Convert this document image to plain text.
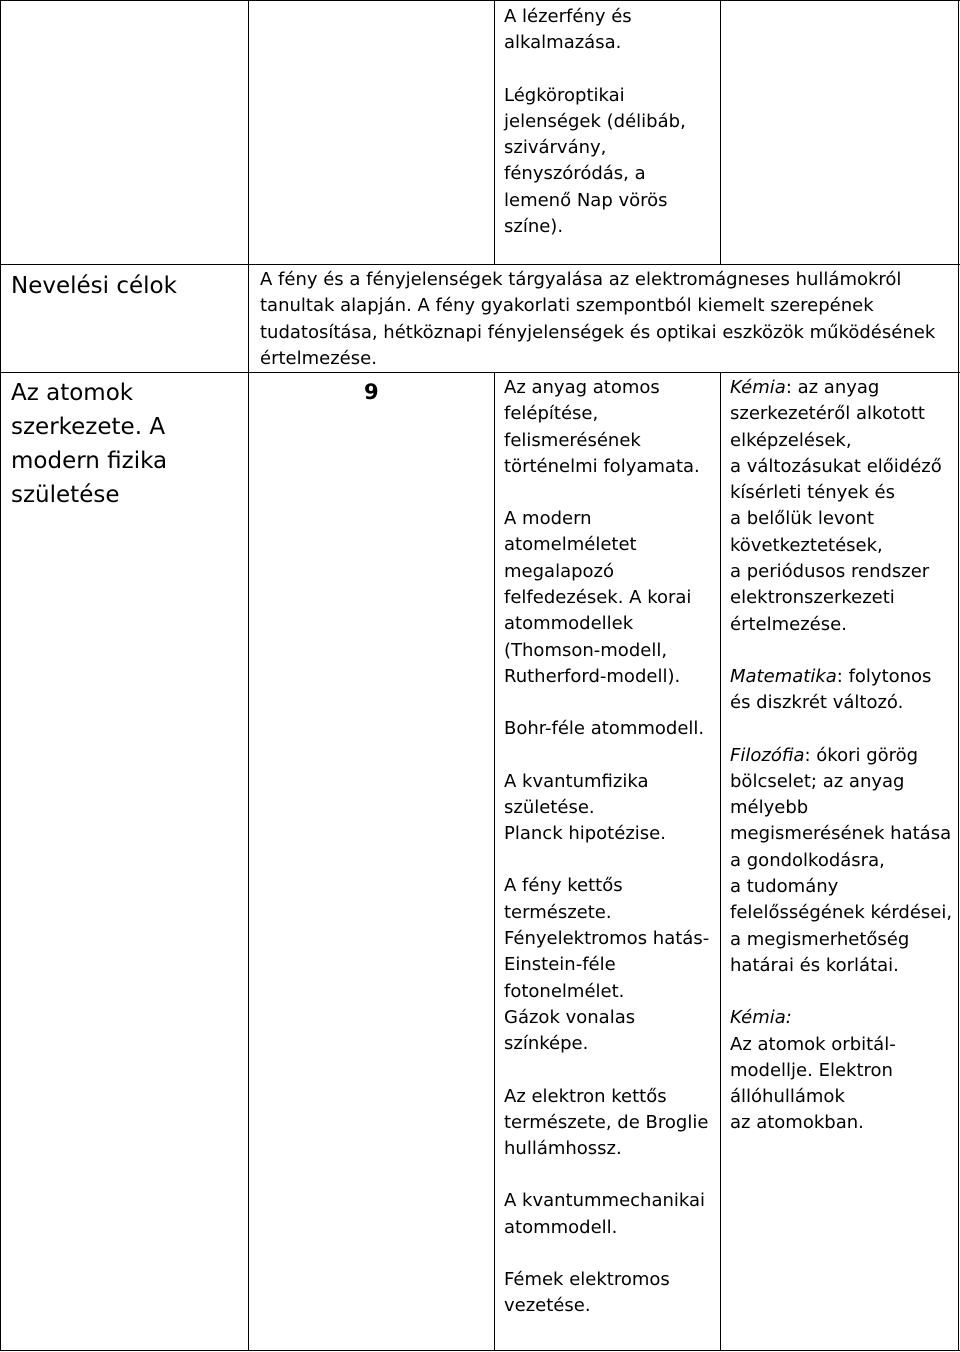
A lézerfény és

alkalmazása.

Légköroptikai

jelenségek (délibáb,

szivárvány,

fényszóródás, a

lemenő Nap vörös

színe).

Nevelési célok	A fény és a fényjelenségek tárgyalása az elektromágneses hullámokról

tanultak alapján. A fény gyakorlati szempontból kiemelt szerepének

tudatosítása, hétköznapi fényjelenségek és optikai eszközök működésének

értelmezése.

Az atomok

szerkezete. A

modern fizika

születése

9	Az anyag atomos

felépítése,

felismerésének

történelmi folyamata.

A modern

atomelméletet

megalapozó

felfedezések. A korai

atommodellek

(Thomson-modell,

Rutherford-modell).

Bohr-féle atommodell.

A kvantumfizika

születése.

Planck hipotézise.

A fény kettős

természete.

Fényelektromos hatás-

Einstein-féle

fotonelmélet.

Gázok vonalas

színképe.

Az elektron kettős

természete, de Broglie

hullámhossz.

A kvantummechanikai

atommodell.

Fémek elektromos

vezetése.

Kémia: az anyag

szerkezetéről alkotott

elképzelések,

a változásukat előidéző

kísérleti tények és

a belőlük levont

következtetések,

a periódusos rendszer

elektronszerkezeti

értelmezése.

Matematika: folytonos

és diszkrét változó.

Filozófia: ókori görög

bölcselet; az anyag

mélyebb

megismerésének hatása

a gondolkodásra,

a tudomány

felelősségének kérdései,

a megismerhetőség

határai és korlátai.

Kémia:

Az atomok orbitál-

modellje. Elektron

állóhullámok

az atomokban.
